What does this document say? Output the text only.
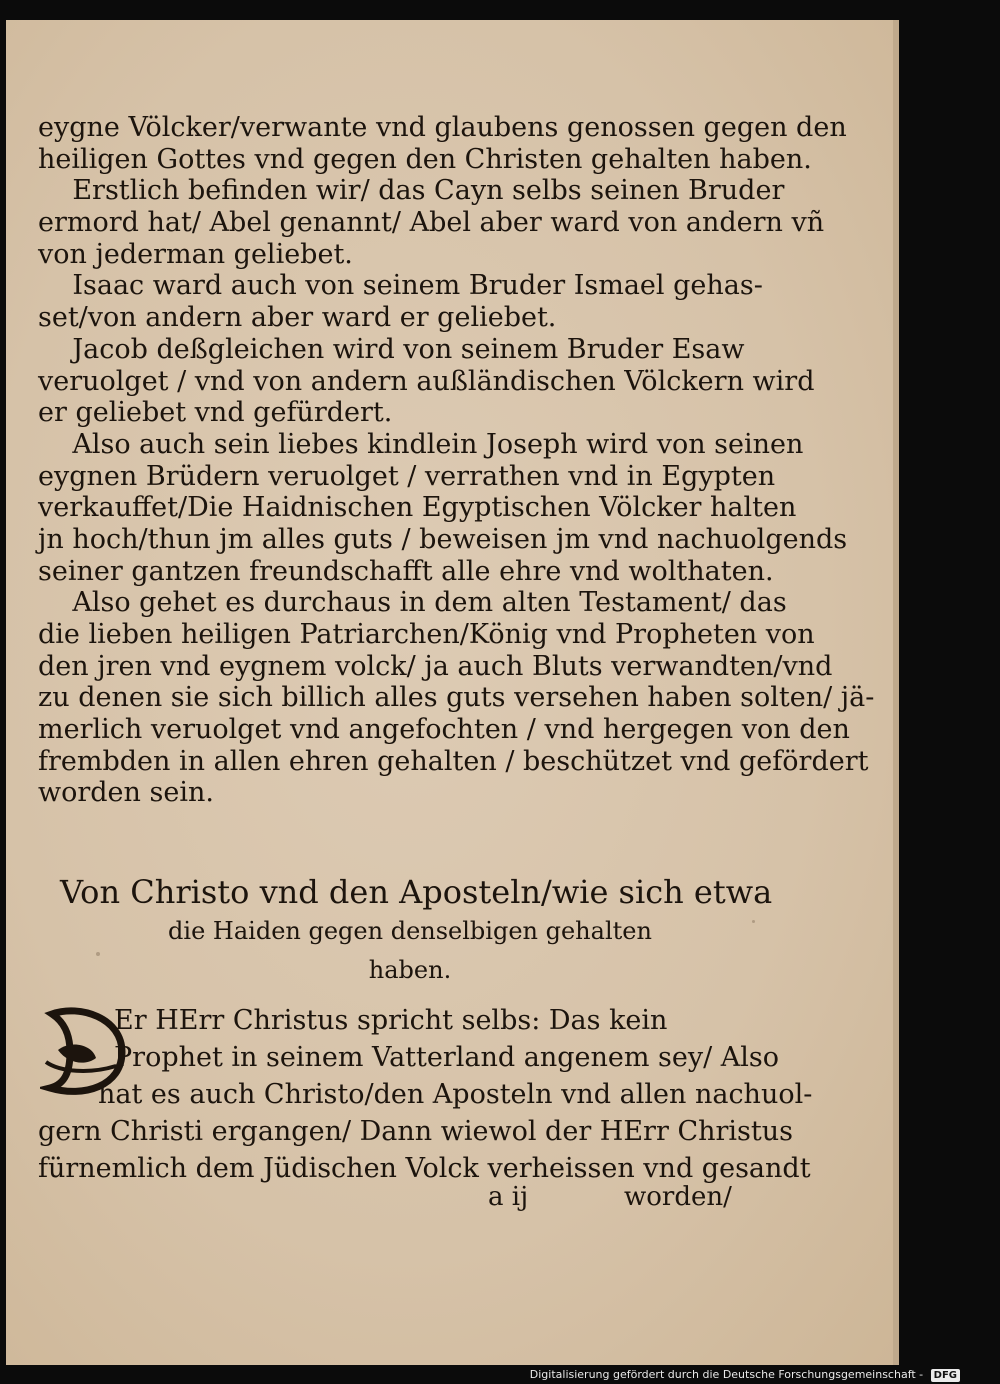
eygne Völcker/verwante vnd glaubens genossen gegen den
heiligen Gottes vnd gegen den Christen gehalten haben.
Erstlich befinden wir/ das Cayn selbs seinen Bruder
ermord hat/ Abel genannt/ Abel aber ward von andern vñ
von jederman geliebet.
Isaac ward auch von seinem Bruder Ismael gehas-
set/von andern aber ward er geliebet.
Jacob deßgleichen wird von seinem Bruder Esaw
veruolget / vnd von andern außländischen Völckern wird
er geliebet vnd gefürdert.
Also auch sein liebes kindlein Joseph wird von seinen
eygnen Brüdern veruolget / verrathen vnd in Egypten
verkauffet/Die Haidnischen Egyptischen Völcker halten
jn hoch/thun jm alles guts / beweisen jm vnd nachuolgends
seiner gantzen freundschafft alle ehre vnd wolthaten.
Also gehet es durchaus in dem alten Testament/ das
die lieben heiligen Patriarchen/König vnd Propheten von
den jren vnd eygnem volck/ ja auch Bluts verwandten/vnd
zu denen sie sich billich alles guts versehen haben solten/ jä-
merlich veruolget vnd angefochten / vnd hergegen von den
frembden in allen ehren gehalten / beschützet vnd gefördert
worden sein.
Von Christo vnd den Aposteln/wie sich etwa
die Haiden gegen denselbigen gehalten
haben.
Er HErr Christus spricht selbs: Das kein
Prophet in seinem Vatterland angenem sey/ Also
hat es auch Christo/den Aposteln vnd allen nachuol-
gern Christi ergangen/ Dann wiewol der HErr Christus
fürnemlich dem Jüdischen Volck verheissen vnd gesandt
a ij	worden/
Digitalisierung gefördert durch die Deutsche Forschungsgemeinschaft - DFG
